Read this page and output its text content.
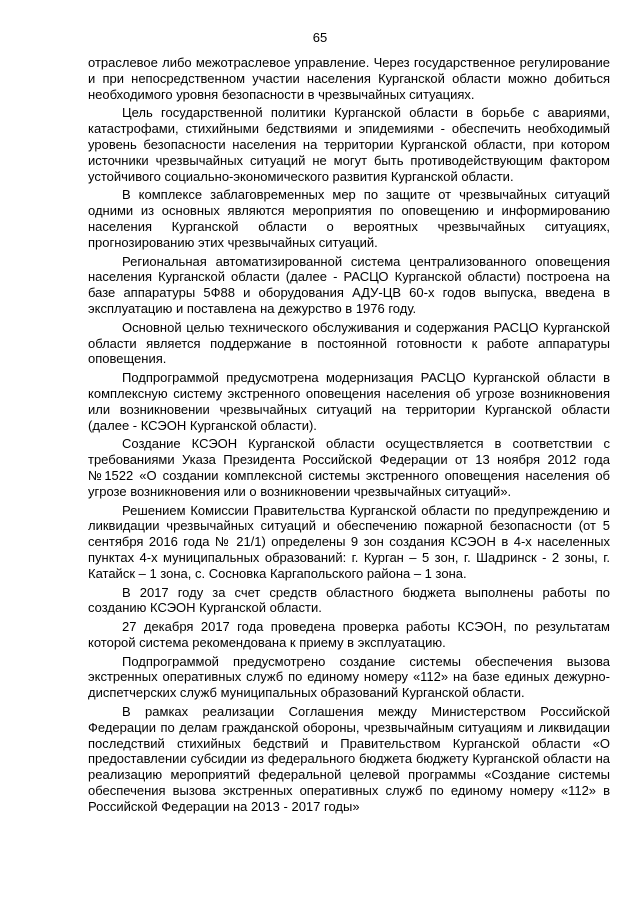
65

отраслевое либо межотраслевое управление. Через государственное регулирование и при непосредственном участии населения Курганской области можно добиться необходимого уровня безопасности в чрезвычайных ситуациях.

Цель государственной политики Курганской области в борьбе с авариями, катастрофами, стихийными бедствиями и эпидемиями - обеспечить необходимый уровень безопасности населения на территории Курганской области, при котором источники чрезвычайных ситуаций не могут быть противодействующим фактором устойчивого социально-экономического развития Курганской области.

В комплексе заблаговременных мер по защите от чрезвычайных ситуаций одними из основных являются мероприятия по оповещению и информированию населения Курганской области о вероятных чрезвычайных ситуациях, прогнозированию этих чрезвычайных ситуаций.

Региональная автоматизированной система централизованного оповещения населения Курганской области (далее - РАСЦО Курганской области) построена на базе аппаратуры 5Ф88 и оборудования АДУ-ЦВ 60-х годов выпуска, введена в эксплуатацию и поставлена на дежурство в 1976 году.

Основной целью технического обслуживания и содержания РАСЦО Курганской области является поддержание в постоянной готовности к работе аппаратуры оповещения.

Подпрограммой предусмотрена модернизация РАСЦО Курганской области в комплексную систему экстренного оповещения населения об угрозе возникновения или возникновении чрезвычайных ситуаций на территории Курганской области (далее - КСЭОН Курганской области).

Создание КСЭОН Курганской области осуществляется в соответствии с требованиями Указа Президента Российской Федерации от 13 ноября 2012 года №1522 «О создании комплексной системы экстренного оповещения населения об угрозе возникновения или о возникновении чрезвычайных ситуаций».

Решением Комиссии Правительства Курганской области по предупреждению и ликвидации чрезвычайных ситуаций и обеспечению пожарной безопасности (от 5 сентября 2016 года № 21/1) определены 9 зон создания КСЭОН в 4-х населенных пунктах 4-х муниципальных образований: г. Курган – 5 зон, г. Шадринск - 2 зоны, г. Катайск – 1 зона, с. Сосновка Каргапольского района – 1 зона.

В 2017 году за счет средств областного бюджета выполнены работы по созданию КСЭОН Курганской области.

27 декабря 2017 года проведена проверка работы КСЭОН, по результатам которой система рекомендована к приему в эксплуатацию.

Подпрограммой предусмотрено создание системы обеспечения вызова экстренных оперативных служб по единому номеру «112» на базе единых дежурно-диспетчерских служб муниципальных образований Курганской области.

В рамках реализации Соглашения между Министерством Российской Федерации по делам гражданской обороны, чрезвычайным ситуациям и ликвидации последствий стихийных бедствий и Правительством Курганской области «О предоставлении субсидии из федерального бюджета бюджету Курганской области на реализацию мероприятий федеральной целевой программы «Создание системы обеспечения вызова экстренных оперативных служб по единому номеру «112» в Российской Федерации на 2013 - 2017 годы»
